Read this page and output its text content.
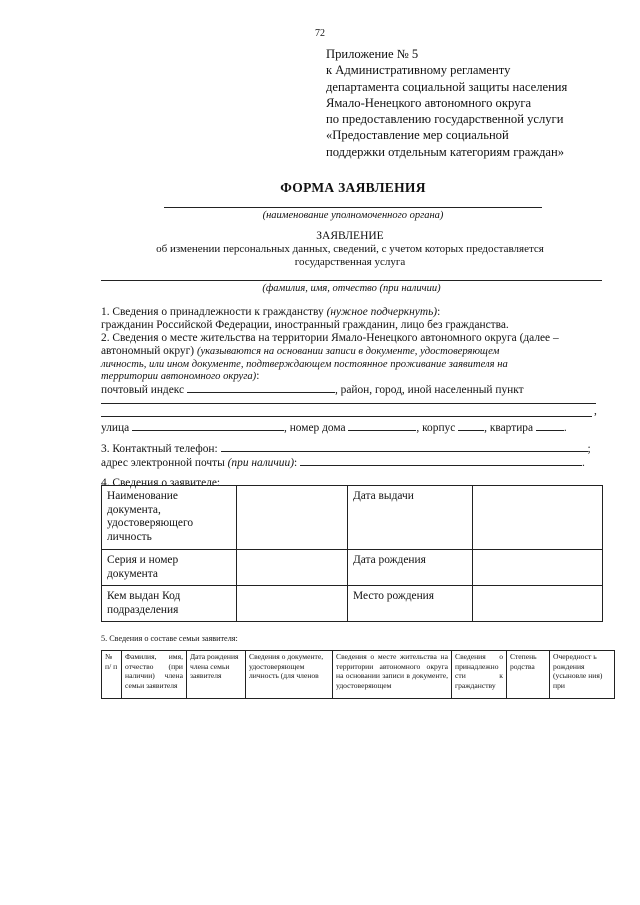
72
Приложение № 5
к Административному регламенту
департамента социальной защиты населения
Ямало-Ненецкого автономного округа
по предоставлению государственной услуги
«Предоставление мер социальной
поддержки отдельным категориям граждан»
ФОРМА ЗАЯВЛЕНИЯ
(наименование уполномоченного органа)
ЗАЯВЛЕНИЕ
об изменении персональных данных, сведений, с учетом которых предоставляется
государственная услуга
(фамилия, имя, отчество (при наличии)
1. Сведения о принадлежности к гражданству (нужное подчеркнуть):
гражданин Российской Федерации, иностранный гражданин, лицо без гражданства.
2. Сведения о месте жительства на территории Ямало-Ненецкого автономного округа (далее –
автономный округ) (указываются на основании записи в документе, удостоверяющем
личность, или ином документе, подтверждающем постоянное проживание заявителя на
территории автономного округа):
почтовый индекс	, район, город, иной населенный пункт
,
улица	, номер дома	, корпус	, квартира	.
3. Контактный телефон:	;
адрес электронной почты (при наличии):	.
4. Сведения о заявителе:
Наименование документа, удостоверяющего личность		Дата выдачи	
Серия и номер документа		Дата рождения	
Кем выдан Код подразделения		Место рождения	
5. Сведения о составе семьи заявителя:
№ п/ п	Фамилия, имя, отчество (при наличии) члена семьи заявителя	Дата рождения члена семьи заявителя	Сведения о документе, удостоверяющем личность (для членов	Сведения о месте жительства на территории автономного округа на основании записи в документе, удостоверяющем	Сведения о принадлежно сти к гражданству	Степень родства	Очередност ь рождения (усыновле ния) при
